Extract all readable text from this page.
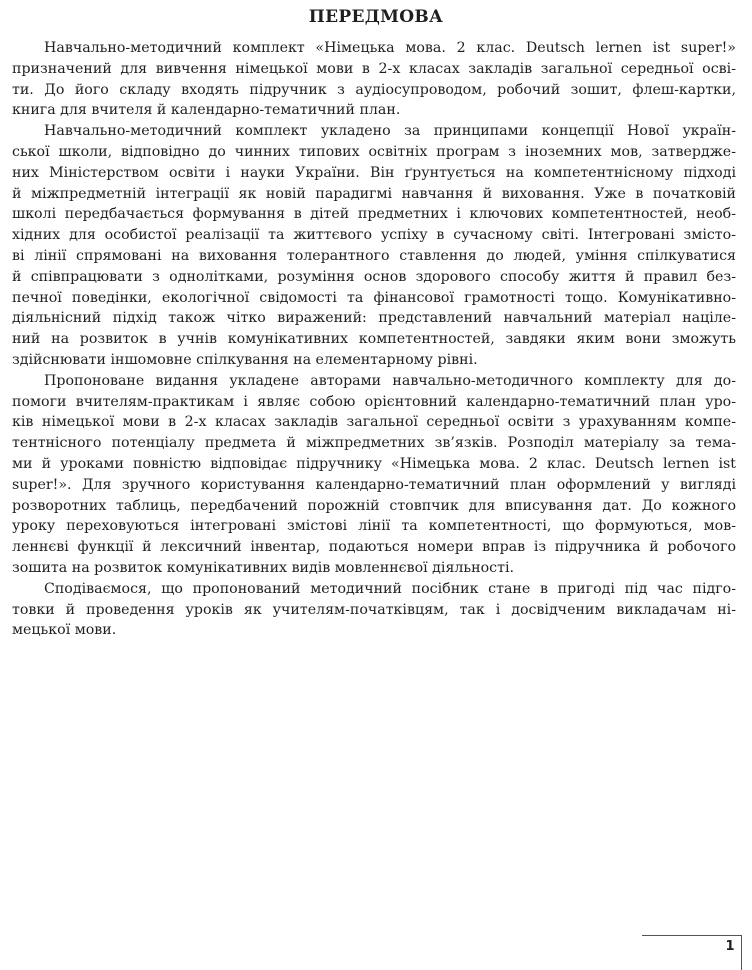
ПЕРЕДМОВА
Навчально-методичний комплект «Німецька мова. 2 клас. Deutsch lernen ist super!»
призначений для вивчення німецької мови в 2-х класах закладів загальної середньої осві-
ти. До його складу входять підручник з аудіосупроводом, робочий зошит, флеш-картки,
книга для вчителя й календарно-тематичний план.
Навчально-методичний комплект укладено за принципами концепції Нової україн-
ської школи, відповідно до чинних типових освітніх програм з іноземних мов, затвердже-
них Міністерством освіти і науки України. Він ґрунтується на компетентнісному підході
й міжпредметній інтеграції як новій парадигмі навчання й виховання. Уже в початковій
школі передбачається формування в дітей предметних і ключових компетентностей, необ-
хідних для особистої реалізації та життєвого успіху в сучасному світі. Інтегровані змісто-
ві лінії спрямовані на виховання толерантного ставлення до людей, уміння спілкуватися
й співпрацювати з однолітками, розуміння основ здорового способу життя й правил без-
печної поведінки, екологічної свідомості та фінансової грамотності тощо. Комунікативно-
діяльнісний підхід також чітко виражений: представлений навчальний матеріал націле-
ний на розвиток в учнів комунікативних компетентностей, завдяки яким вони зможуть
здійснювати іншомовне спілкування на елементарному рівні.
Пропоноване видання укладене авторами навчально-методичного комплекту для до-
помоги вчителям-практикам і являє собою орієнтовний календарно-тематичний план уро-
ків німецької мови в 2-х класах закладів загальної середньої освіти з урахуванням компе-
тентнісного потенціалу предмета й міжпредметних зв’язків. Розподіл матеріалу за тема-
ми й уроками повністю відповідає підручнику «Німецька мова. 2 клас. Deutsch lernen ist
super!». Для зручного користування календарно-тематичний план оформлений у вигляді
розворотних таблиць, передбачений порожній стовпчик для вписування дат. До кожного
уроку переховуються інтегровані змістові лінії та компетентності, що формуються, мов-
леннєві функції й лексичний інвентар, подаються номери вправ із підручника й робочого
зошита на розвиток комунікативних видів мовленнєвої діяльності.
Сподіваємося, що пропонований методичний посібник стане в пригоді під час підго-
товки й проведення уроків як учителям-початківцям, так і досвідченим викладачам ні-
мецької мови.
1
